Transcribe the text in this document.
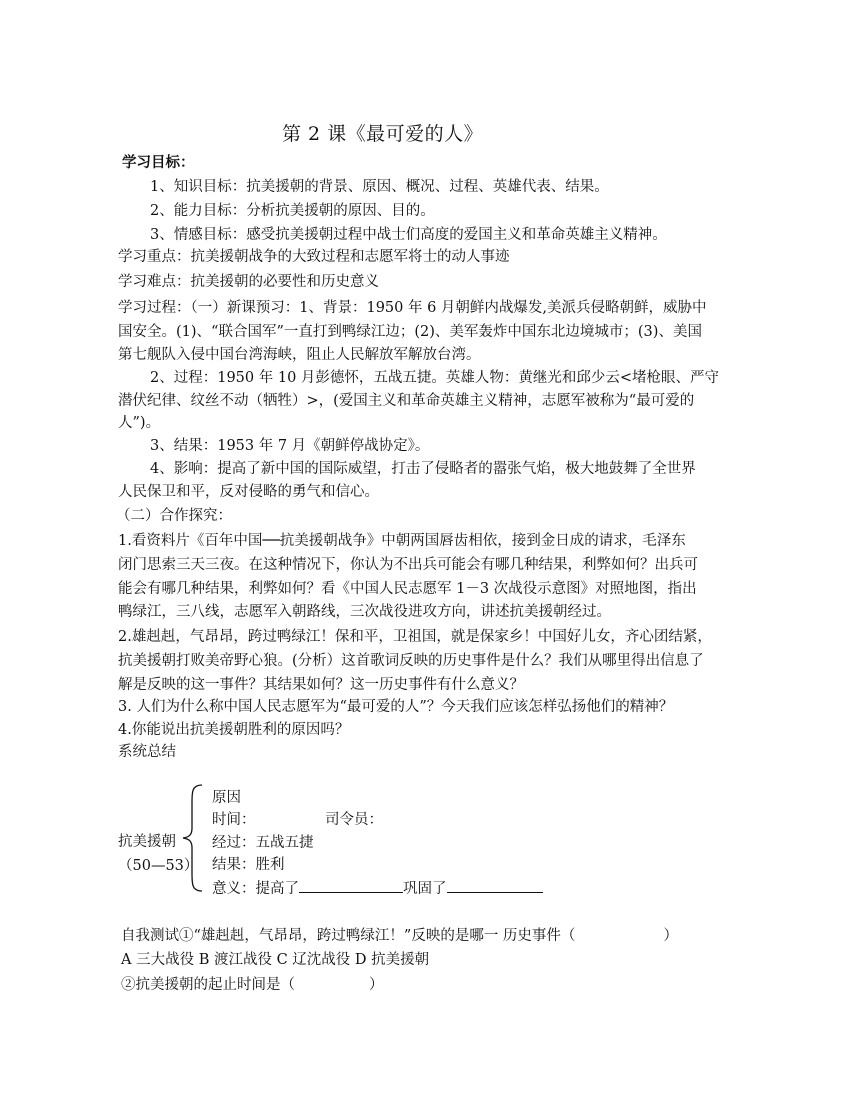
第 2 课《最可爱的人》
学习目标：
1、知识目标：抗美援朝的背景、原因、概况、过程、英雄代表、结果。
2、能力目标：分析抗美援朝的原因、目的。
3、情感目标：感受抗美援朝过程中战士们高度的爱国主义和革命英雄主义精神。
学习重点：抗美援朝战争的大致过程和志愿军将士的动人事迹
学习难点：抗美援朝的必要性和历史意义
学习过程：（一）新课预习：1、背景：1950 年 6 月朝鲜内战爆发,美派兵侵略朝鲜，威胁中
国安全。(1)、“联合国军”一直打到鸭绿江边；(2)、美军轰炸中国东北边境城市；(3)、美国
第七舰队入侵中国台湾海峡，阻止人民解放军解放台湾。
2、过程：1950 年 10 月彭德怀，五战五捷。英雄人物：黄继光和邱少云<堵枪眼、严守
潜伏纪律、纹丝不动（牺牲）>，(爱国主义和革命英雄主义精神，志愿军被称为“最可爱的
人”)。
3、结果：1953 年 7 月《朝鲜停战协定》。
4、影响：提高了新中国的国际威望，打击了侵略者的嚣张气焰，极大地鼓舞了全世界
人民保卫和平，反对侵略的勇气和信心。
（二）合作探究：
1.看资料片《百年中国──抗美援朝战争》中朝两国唇齿相依，接到金日成的请求，毛泽东
闭门思索三天三夜。在这种情况下，你认为不出兵可能会有哪几种结果，利弊如何？出兵可
能会有哪几种结果，利弊如何？看《中国人民志愿军 1－3 次战役示意图》对照地图，指出
鸭绿江，三八线，志愿军入朝路线，三次战役进攻方向，讲述抗美援朝经过。
2.雄赳赳，气昂昂，跨过鸭绿江！保和平，卫祖国，就是保家乡！中国好儿女，齐心团结紧，
抗美援朝打败美帝野心狼。(分析）这首歌词反映的历史事件是什么？我们从哪里得出信息了
解是反映的这一事件？其结果如何？这一历史事件有什么意义？
3. 人们为什么称中国人民志愿军为“最可爱的人”？今天我们应该怎样弘扬他们的精神？
4.你能说出抗美援朝胜利的原因吗？
系统总结
抗美援朝
（50—53）
原因
时间：	司令员：
经过：五战五捷
结果：胜利
意义：提高了	巩固了
自我测试①“雄赳赳，气昂昂，跨过鸭绿江！”反映的是哪一 历史事件（	）
A 三大战役 B 渡江战役 C 辽沈战役 D 抗美援朝
②抗美援朝的起止时间是（	）
